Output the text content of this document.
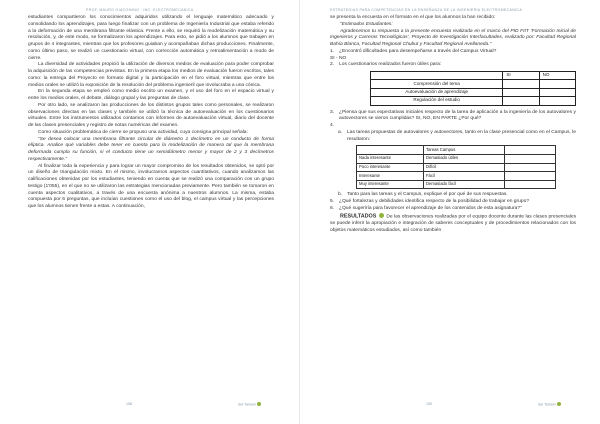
PROF. MAURO GIACOMINO · INC. ELECTROMECÁNICA

estudiantes compartieron los conocimientos adquiridos utilizando el lenguaje matemático adecuado y consolidando los aprendizajes, para luego finalizar con un problema de Ingeniería Industrial que estaba referido a la deformación de una membrana filtrante elástica. Frente a ello, se requirió la modelización matemática y su resolución, y, de este modo, se formalizaron los aprendizajes. Para esto, se pidió a los alumnos que trabajen en grupos de 4 integrantes, mientras que los profesores guiaban y acompañaban dichas producciones. Finalmente, como último paso, se realizó un cuestionario virtual, con corrección automática y retroalimentación a modo de cierre.

La diversidad de actividades propició la utilización de diversos medios de evaluación para poder comprobar la adquisición de las competencias previstas. En la primera etapa los medios de evaluación fueron escritos, tales como: la entrega del Proyecto en formato digital y la participación en el foro virtual, mientras que entre los medios orales se utilizó la exposición de la resolución del problema ingenieril que involucraba a una cónica.

En la segunda etapa se empleó como medio escrito un examen, y el uso del foro en el espacio virtual y entre los medios orales, el debate, diálogo grupal y las preguntas de clase.

Por otro lado, se analizaron las producciones de los distintos grupos tales como personales, se realizaron observaciones directas en las clases y también se utilizó la técnica de autoevaluación en los cuestionarios virtuales. Entre los instrumentos utilizados contamos con informes de autoevaluación virtual, diario del docente de las clases presenciales y registro de notas numéricas del examen.

Como situación problemática de cierre se propuso una actividad, cuya consigna principal señala:

“Se desea colocar una membrana filtrante circular de diámetro 1 decímetro en un conducto de forma elíptica. Analice qué variables debe tener en cuenta para la modelización de manera tal que la membrana deformada cumpla su función, si el conducto tiene un semidiámetro menor y mayor de 2 y 3 decímetros respectivamente.”

Al finalizar toda la experiencia y para lograr un mayor compromiso de los resultados obtenidos, se optó por un diseño de triangulación mixto. En el mismo, involucramos aspectos cuantitativos, cuando analizamos las calificaciones obtenidas por los estudiantes, teniendo en cuenta que se realizó una comparación con un grupo testigo (1'055), en el que no se utilizaron las estrategias mencionadas previamente. Pero también se tomaron en cuenta aspectos cualitativos, a través de una encuesta anónima a nuestros alumnos. La misma, estaba compuesta por 6 preguntas, que incluían cuestiones como el uso del blog, el campus virtual y las percepciones que los alumnos tienen frente a estas. A continuación,

158	Sel Tainam
ESTRATEGIAS PARA COMPETENCIAS EN LA ENSEÑANZA DE LA INGENIERÍA ELECTROMECÁNICA

se presenta la encuesta en el formato en el que los alumnos la han recibido:

“Estimados Estudiantes:

Agradecemos tu respuesta a la presente encuesta realizada en el marco del PID FIIT ‘Formación Inicial de Ingenieros y Carreras Tecnológicas’, Proyecto de Investigación Interfacultades, realizado por: Facultad Regional Bahía Blanca, Facultad Regional Chubut y Facultad Regional Avellaneda.”

1.	¿Encontró dificultades para desempeñarse a través del Campus Virtual?

SI - NO

2.	Los cuestionarios realizados fueron útiles para:
	SI	NO
Comprensión del tema		
Autoevaluación de aprendizaje		
Regulación del estudio		
3.	¿Piensa que sus expectativas iniciales respecto de la tarea de aplicación a la ingeniería de los autovalores y autovectores se vieron cumplidas? SI, NO, EN PARTE ¿Por qué?
4.
a.	Las tareas propuestas de autovalores y autovectores, tanto en la clase presencial como en el Campus, le resultaron:
	Tareas Campus	
Nada interesante	Demasiado útiles	
Poco interesante	Difícil	
Interesante	Fácil	
Muy interesante	Demasiado fácil	
b.	Tanto para las tareas y el Campus, explique el por qué de sus respuestas.
5.	¿Qué fortalezas y debilidades identifica respecto de la posibilidad de trabajar en grupo?
6.	¿Qué sugeriría para favorecer el aprendizaje de los contenidos de esta asignatura?”

RESULTADOS De las observaciones realizadas por el equipo docente durante las clases presenciales se puede inferir la apropiación e integración de saberes conceptuales y de procedimientos relacionados con los objetos matemáticos estudiados, así como también

159	Sel Tainam
